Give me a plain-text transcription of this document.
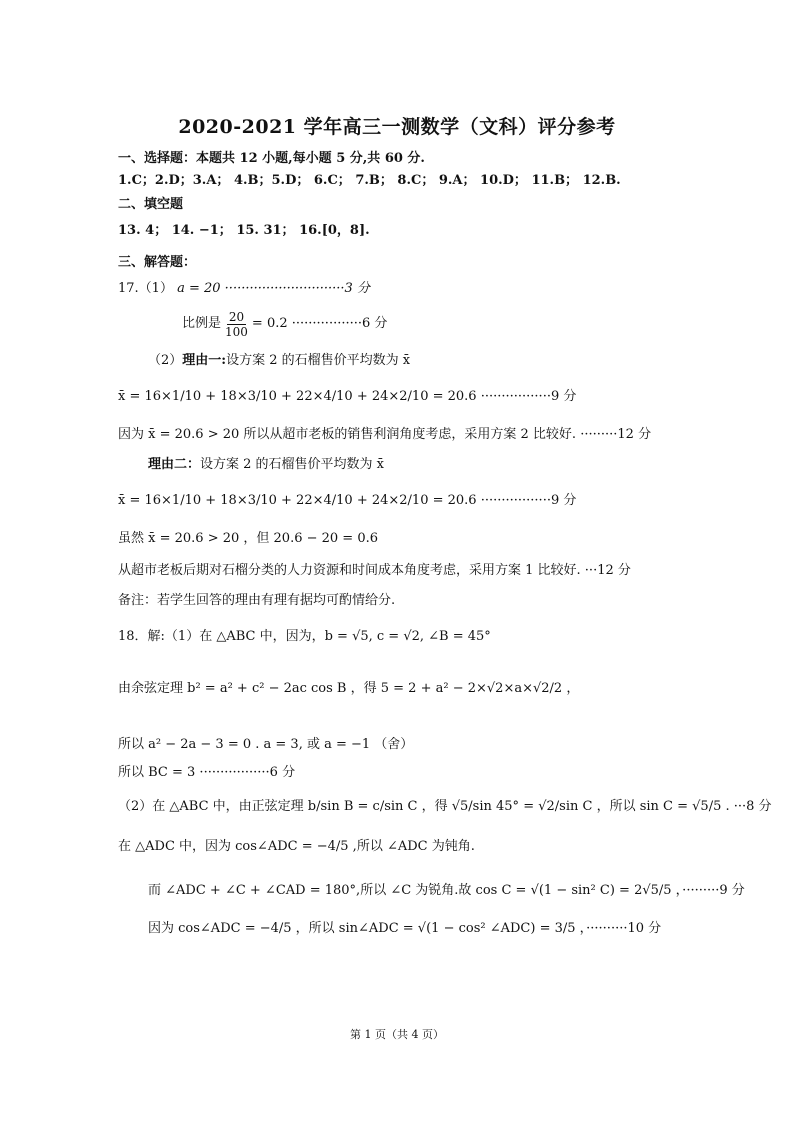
2020-2021 学年高三一测数学（文科）评分参考
一、选择题：本题共 12 小题,每小题 5 分,共 60 分.
1.C；2.D；3.A； 4.B；5.D； 6.C； 7.B； 8.C； 9.A； 10.D； 11.B； 12.B.
二、填空题
13. 4； 14. −1； 15. 31； 16.[0，8].
三、解答题：
17.（1） a = 20 ·····························3 分
比例是 $\frac{20}{100} = 0.2 \cdot\cdot\cdot\cdot\cdot\cdot\cdot\cdot\cdot\cdot\cdot\cdot\cdot\cdot\cdot\cdot\cdot 6$ 分
（2）理由一:设方案 2 的石榴售价平均数为 x̄
x̄ = 16×1/10 + 18×3/10 + 22×4/10 + 24×2/10 = 20.6 ·················9 分
因为 x̄ = 20.6 > 20 所以从超市老板的销售利润角度考虑，采用方案 2 比较好. ·········12 分
理由二：设方案 2 的石榴售价平均数为 x̄
x̄ = 16×1/10 + 18×3/10 + 22×4/10 + 24×2/10 = 20.6 ·················9 分
虽然 x̄ = 20.6 > 20 ，但 20.6 − 20 = 0.6
从超市老板后期对石榴分类的人力资源和时间成本角度考虑，采用方案 1 比较好. ···12 分
备注：若学生回答的理由有理有据均可酌情给分.
18．解:（1）在 △ABC 中，因为，b = √5, c = √2, ∠B = 45°
由余弦定理 b² = a² + c² − 2ac cos B ，得 5 = 2 + a² − 2×√2×a×√2/2 ，
所以 a² − 2a − 3 = 0 . a = 3, 或 a = −1 （舍）
所以 BC = 3 ·················6 分
（2）在 △ABC 中，由正弦定理 b/sin B = c/sin C ，得 √5/sin 45° = √2/sin C ，所以 sin C = √5/5 . ···8 分
在 △ADC 中，因为 cos∠ADC = −4/5 ,所以 ∠ADC 为钝角.
而 ∠ADC + ∠C + ∠CAD = 180°,所以 ∠C 为锐角.故 cos C = √(1 − sin² C) = 2√5/5 ，·········9 分
因为 cos∠ADC = −4/5 ，所以 sin∠ADC = √(1 − cos² ∠ADC) = 3/5 ，··········10 分
第 1 页（共 4 页）
